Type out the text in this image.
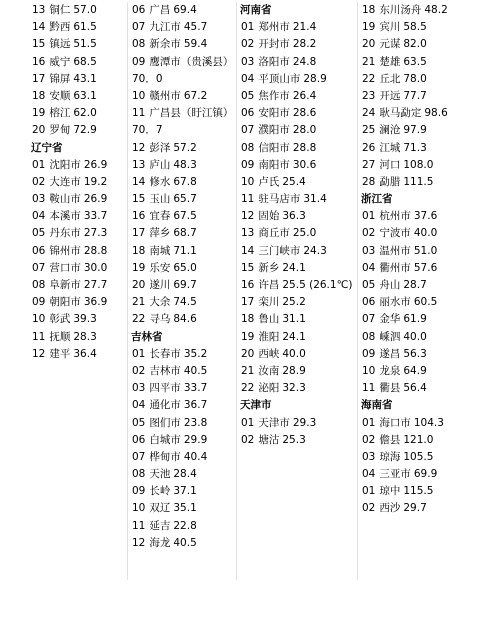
13 铜仁 57.0
14 黔西 61.5
15 镇远 51.5
16 威宁 68.5
17 锦屏 43.1
18 安顺 63.1
19 榕江 62.0
20 罗甸 72.9
辽宁省
01 沈阳市 26.9
02 大连市 19.2
03 鞍山市 26.9
04 本溪市 33.7
05 丹东市 27.3
06 锦州市 28.8
07 营口市 30.0
08 阜新市 27.7
09 朝阳市 36.9
10 彰武 39.3
11 抚顺 28.3
12 建平 36.4
06 广昌 69.4
07 九江市 45.7
08 新余市 59.4
09 鹰潭市（贵溪县）
70．0
10 赣州市 67.2
11 广昌县（盱江镇）
70．7
12 彭泽 57.2
13 庐山 48.3
14 修水 67.8
15 玉山 65.7
16 宜春 67.5
17 萍乡 68.7
18 南城 71.1
19 乐安 65.0
20 遂川 69.7
21 大余 74.5
22 寻乌 84.6
吉林省
01 长春市 35.2
02 吉林市 40.5
03 四平市 33.7
04 通化市 36.7
05 图们市 23.8
06 白城市 29.9
07 桦甸市 40.4
08 天池 28.4
09 长岭 37.1
10 双辽 35.1
11 延吉 22.8
12 海龙 40.5
河南省
01 郑州市 21.4
02 开封市 28.2
03 洛阳市 24.8
04 平顶山市 28.9
05 焦作市 26.4
06 安阳市 28.6
07 濮阳市 28.0
08 信阳市 28.8
09 南阳市 30.6
10 卢氏 25.4
11 驻马店市 31.4
12 固始 36.3
13 商丘市 25.0
14 三门峡市 24.3
15 新乡 24.1
16 许昌 25.5 (26.1℃)
17 栾川 25.2
18 鲁山 31.1
19 淮阳 24.1
20 西峡 40.0
21 汝南 28.9
22 泌阳 32.3
天津市
01 天津市 29.3
02 塘沽 25.3
18 东川汤舟 48.2
19 宾川 58.5
20 元谋 82.0
21 楚雄 63.5
22 丘北 78.0
23 开远 77.7
24 耿马勐定 98.6
25 澜沧 97.9
26 江城 71.3
27 河口 108.0
28 勐腊 111.5
浙江省
01 杭州市 37.6
02 宁波市 40.0
03 温州市 51.0
04 衢州市 57.6
05 舟山 28.7
06 丽水市 60.5
07 金华 61.9
08 嵊泗 40.0
09 遂昌 56.3
10 龙泉 64.9
11 衢县 56.4
海南省
01 海口市 104.3
02 儋县 121.0
03 琼海 105.5
04 三亚市 69.9
01 琼中 115.5
02 西沙 29.7
